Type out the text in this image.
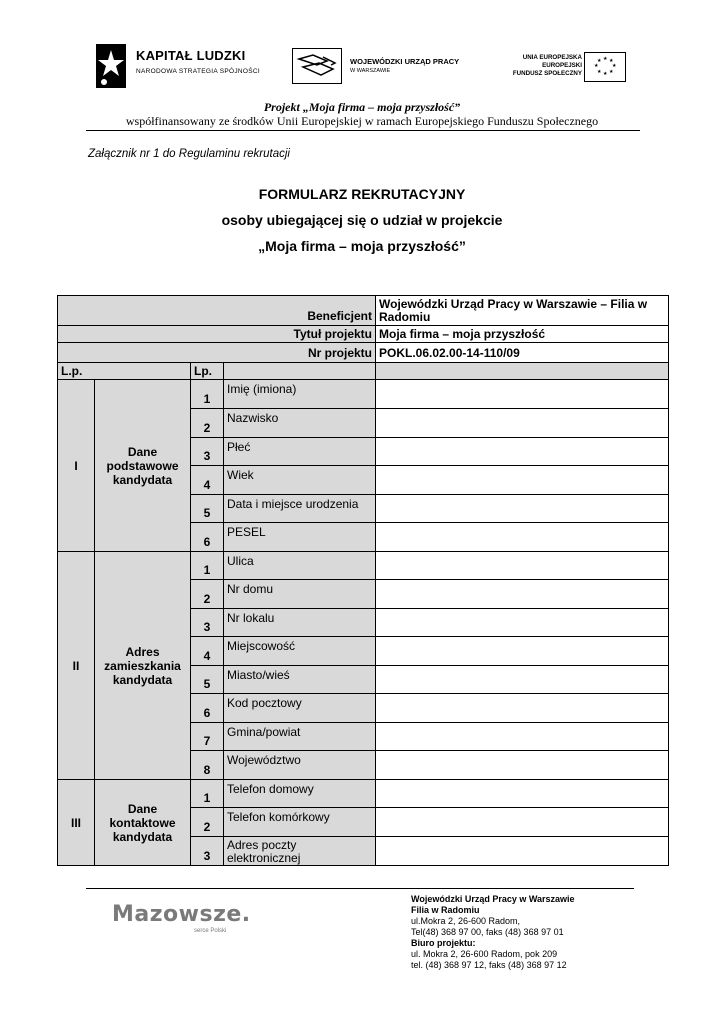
KAPITAŁ LUDZKI
NARODOWA STRATEGIA SPÓJNOŚCI
WOJEWÓDZKI URZĄD PRACY
W WARSZAWIE
UNIA EUROPEJSKA
EUROPEJSKI
FUNDUSZ SPOŁECZNY
★ ★
★
★
★
★
★
★
Projekt „Moja firma – moja przyszłość”
współfinansowany ze środków Unii Europejskiej w ramach Europejskiego Funduszu Społecznego
Załącznik nr 1 do Regulaminu rekrutacji
FORMULARZ REKRUTACYJNY
osoby ubiegającej się o udział w projekcie
„Moja firma – moja przyszłość”
Beneficjent				Wojewódzki Urząd Pracy w Warszawie – Filia w Radomiu
Tytuł projektu				Moja firma – moja przyszłość
Nr projektu				POKL.06.02.00-14-110/09
L.p.		Lp.		
I	Dane podstawowe kandydata	1	Imię (imiona)	
		2	Nazwisko	
		3	Płeć	
		4	Wiek	
		5	Data i miejsce urodzenia	
		6	PESEL	
II	Adres zamieszkania kandydata	1	Ulica	
		2	Nr domu	
		3	Nr lokalu	
		4	Miejscowość	
		5	Miasto/wieś	
		6	Kod pocztowy	
		7	Gmina/powiat	
		8	Województwo	
III	Dane kontaktowe kandydata	1	Telefon domowy	
		2	Telefon komórkowy	
		3	Adres poczty elektronicznej	
Mazowsze.
serce Polski
Wojewódzki Urząd Pracy w Warszawie
Filia w Radomiu
ul.Mokra 2, 26-600 Radom,
Tel(48) 368 97 00, faks (48) 368 97 01
Biuro projektu:
ul. Mokra 2, 26-600 Radom, pok 209
tel. (48) 368 97 12, faks (48) 368 97 12
